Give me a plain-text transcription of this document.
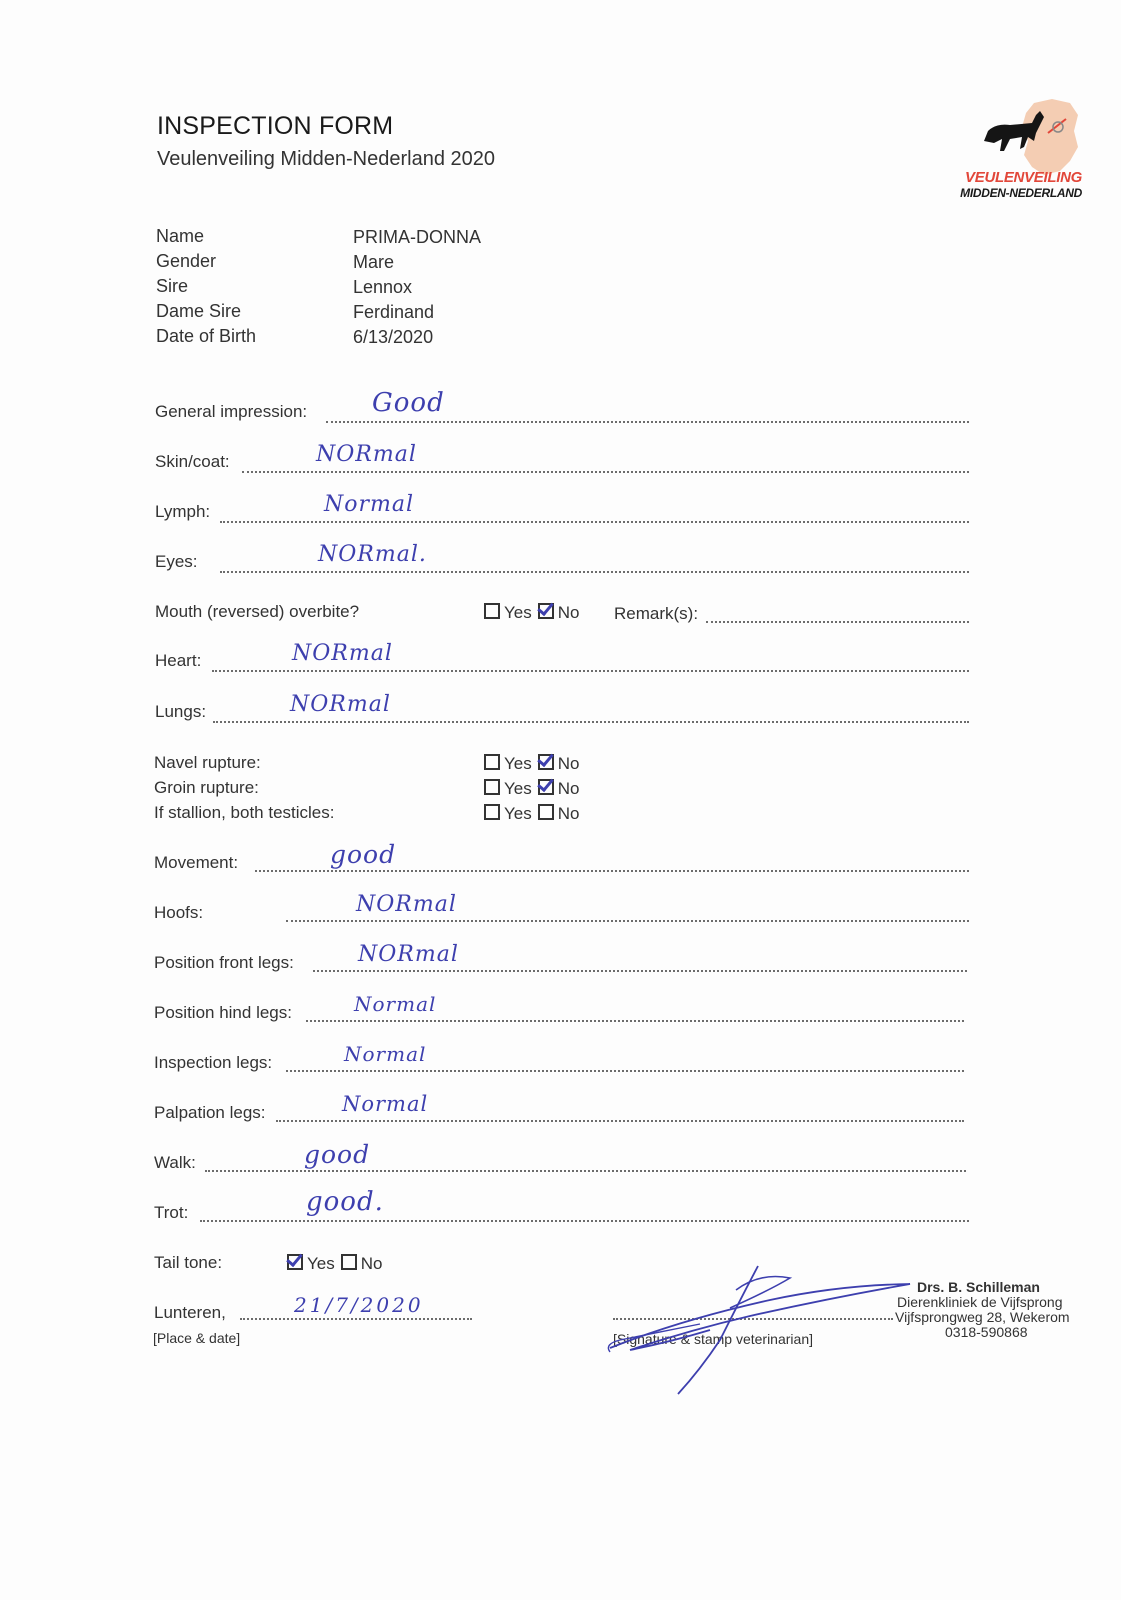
INSPECTION FORM
Veulenveiling Midden-Nederland 2020
VEULENVEILING
MIDDEN-NEDERLAND
Name	PRIMA-DONNA
Gender	Mare
Sire	Lennox
Dame Sire	Ferdinand
Date of Birth	6/13/2020
General impression: Good
Skin/coat:	NORmal
Lymph:	Normal
Eyes:	NORmal.
Mouth (reversed) overbite?	Yes No Remark(s):
Heart:	NORmal
Lungs:	NORmal
Navel rupture:	Yes No
Groin rupture:	Yes No
If stallion, both testicles:	Yes No
Movement:	good
Hoofs:	NORmal
Position front legs:	NORmal
Position hind legs:	Normal
Inspection legs:	Normal
Palpation legs:	Normal
Walk:	good
Trot:	good.
Tail tone:	Yes No
Lunteren,	21/7/2020
[Place & date]	[Signature & stamp veterinarian]
Drs. B. Schilleman
Dierenkliniek de Vijfsprong
Vijfsprongweg 28, Wekerom
0318-590868
